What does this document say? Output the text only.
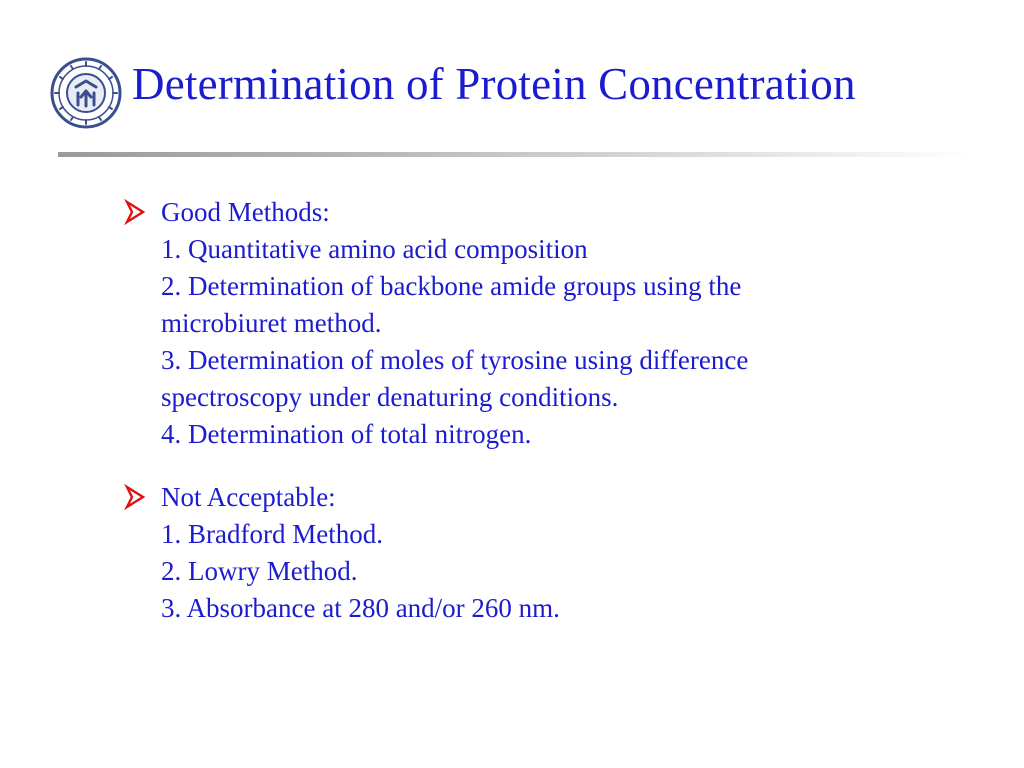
Determination of Protein Concentration
Good Methods:
1. Quantitative amino acid composition
2. Determination of backbone amide groups using the
microbiuret method.
3. Determination of moles of tyrosine using difference
spectroscopy under denaturing conditions.
4. Determination of total nitrogen.
Not Acceptable:
1. Bradford Method.
2. Lowry Method.
3. Absorbance at 280 and/or 260 nm.
